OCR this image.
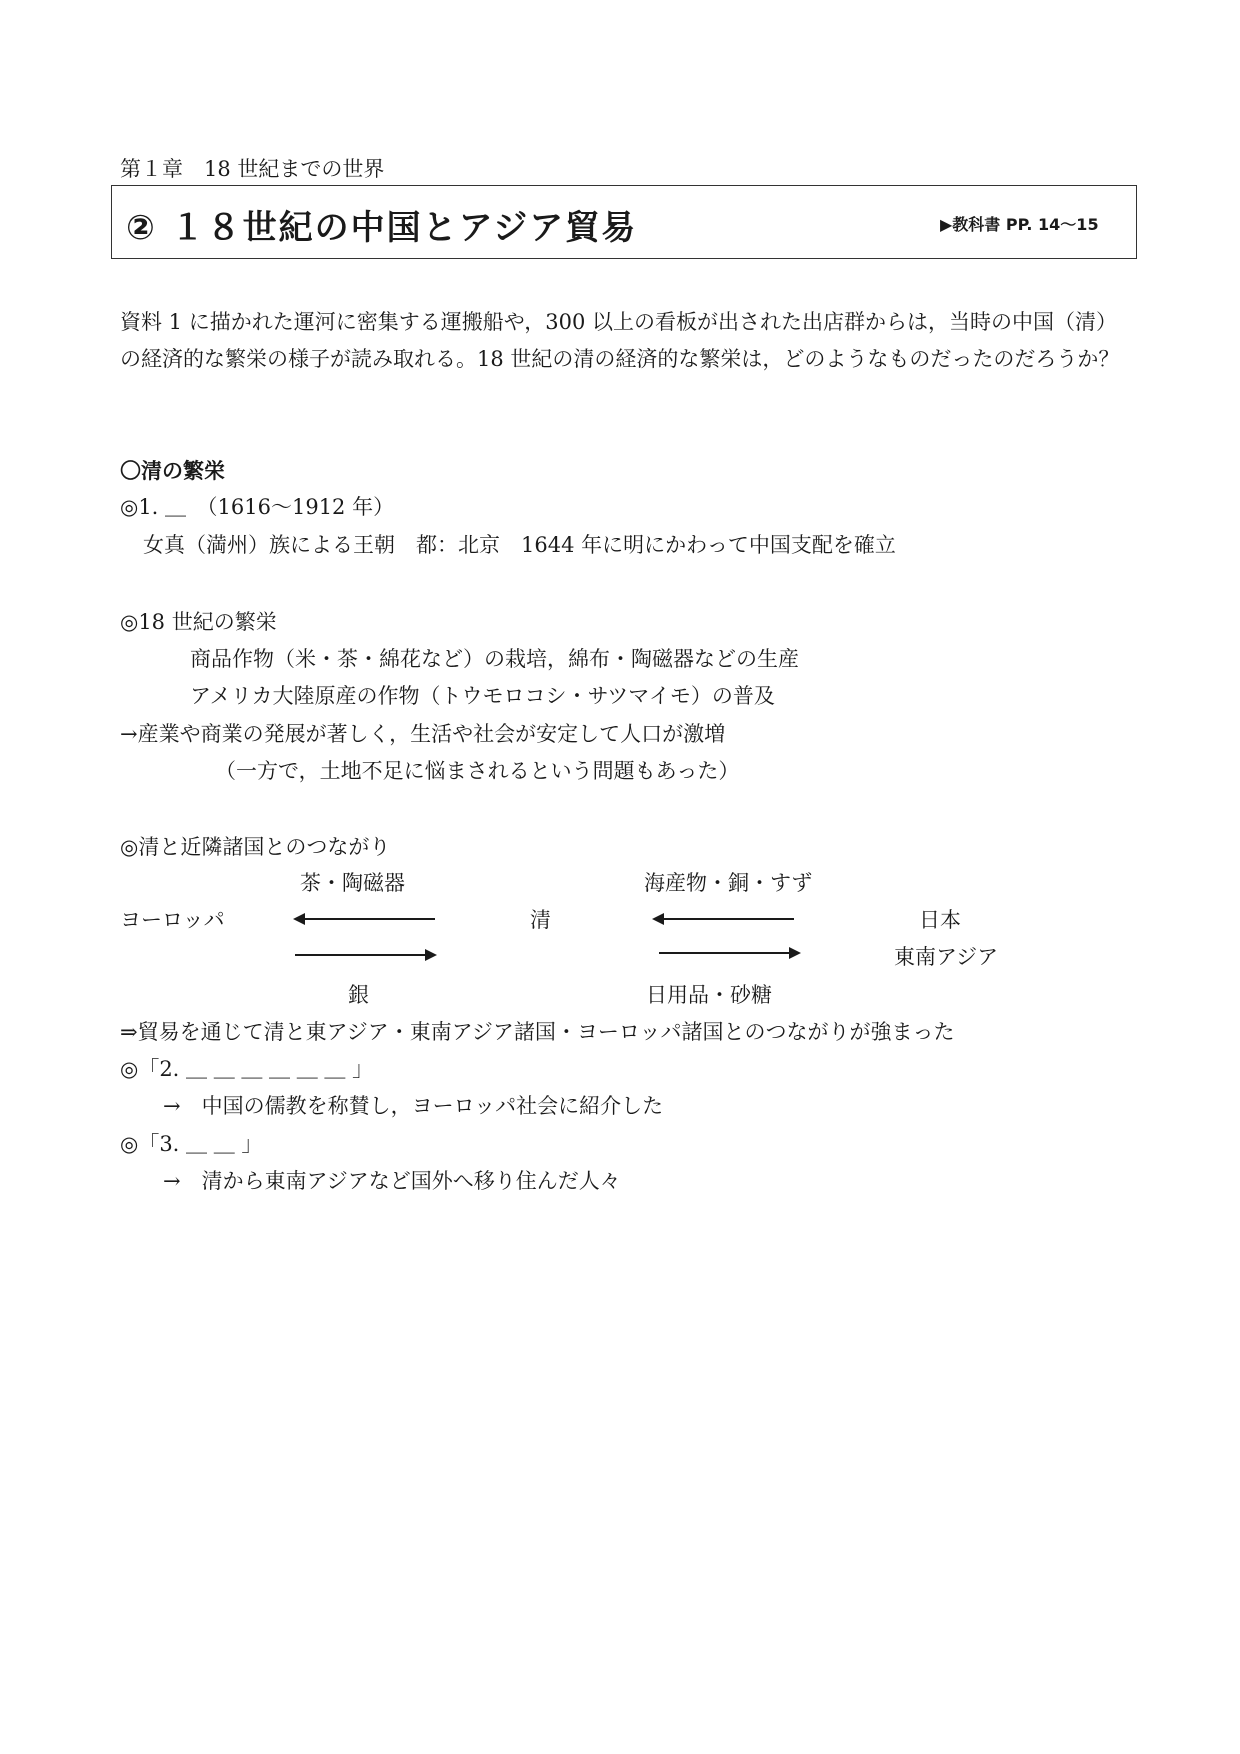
第１章　18 世紀までの世界
② １８世紀の中国とアジア貿易	▶教科書 PP. 14〜15
資料 1 に描かれた運河に密集する運搬船や，300 以上の看板が出された出店群からは，当時の中国（清）の経済的な繁栄の様子が読み取れる。18 世紀の清の経済的な繁栄は，どのようなものだったのだろうか？
〇清の繁栄
◎1. ＿　（1616〜1912 年）
女真（満州）族による王朝　都：北京　1644 年に明にかわって中国支配を確立
◎18 世紀の繁栄
商品作物（米・茶・綿花など）の栽培，綿布・陶磁器などの生産
アメリカ大陸原産の作物（トウモロコシ・サツマイモ）の普及
→産業や商業の発展が著しく，生活や社会が安定して人口が激増
（一方で，土地不足に悩まされるという問題もあった）
◎清と近隣諸国とのつながり
茶・陶磁器	海産物・銅・すず
ヨーロッパ	清	日本
東南アジア
銀	日用品・砂糖
⇒貿易を通じて清と東アジア・東南アジア諸国・ヨーロッパ諸国とのつながりが強まった
◎「2. ＿ ＿ ＿ ＿ ＿ ＿ 」
→　中国の儒教を称賛し，ヨーロッパ社会に紹介した
◎「3. ＿ ＿ 」
→　清から東南アジアなど国外へ移り住んだ人々
